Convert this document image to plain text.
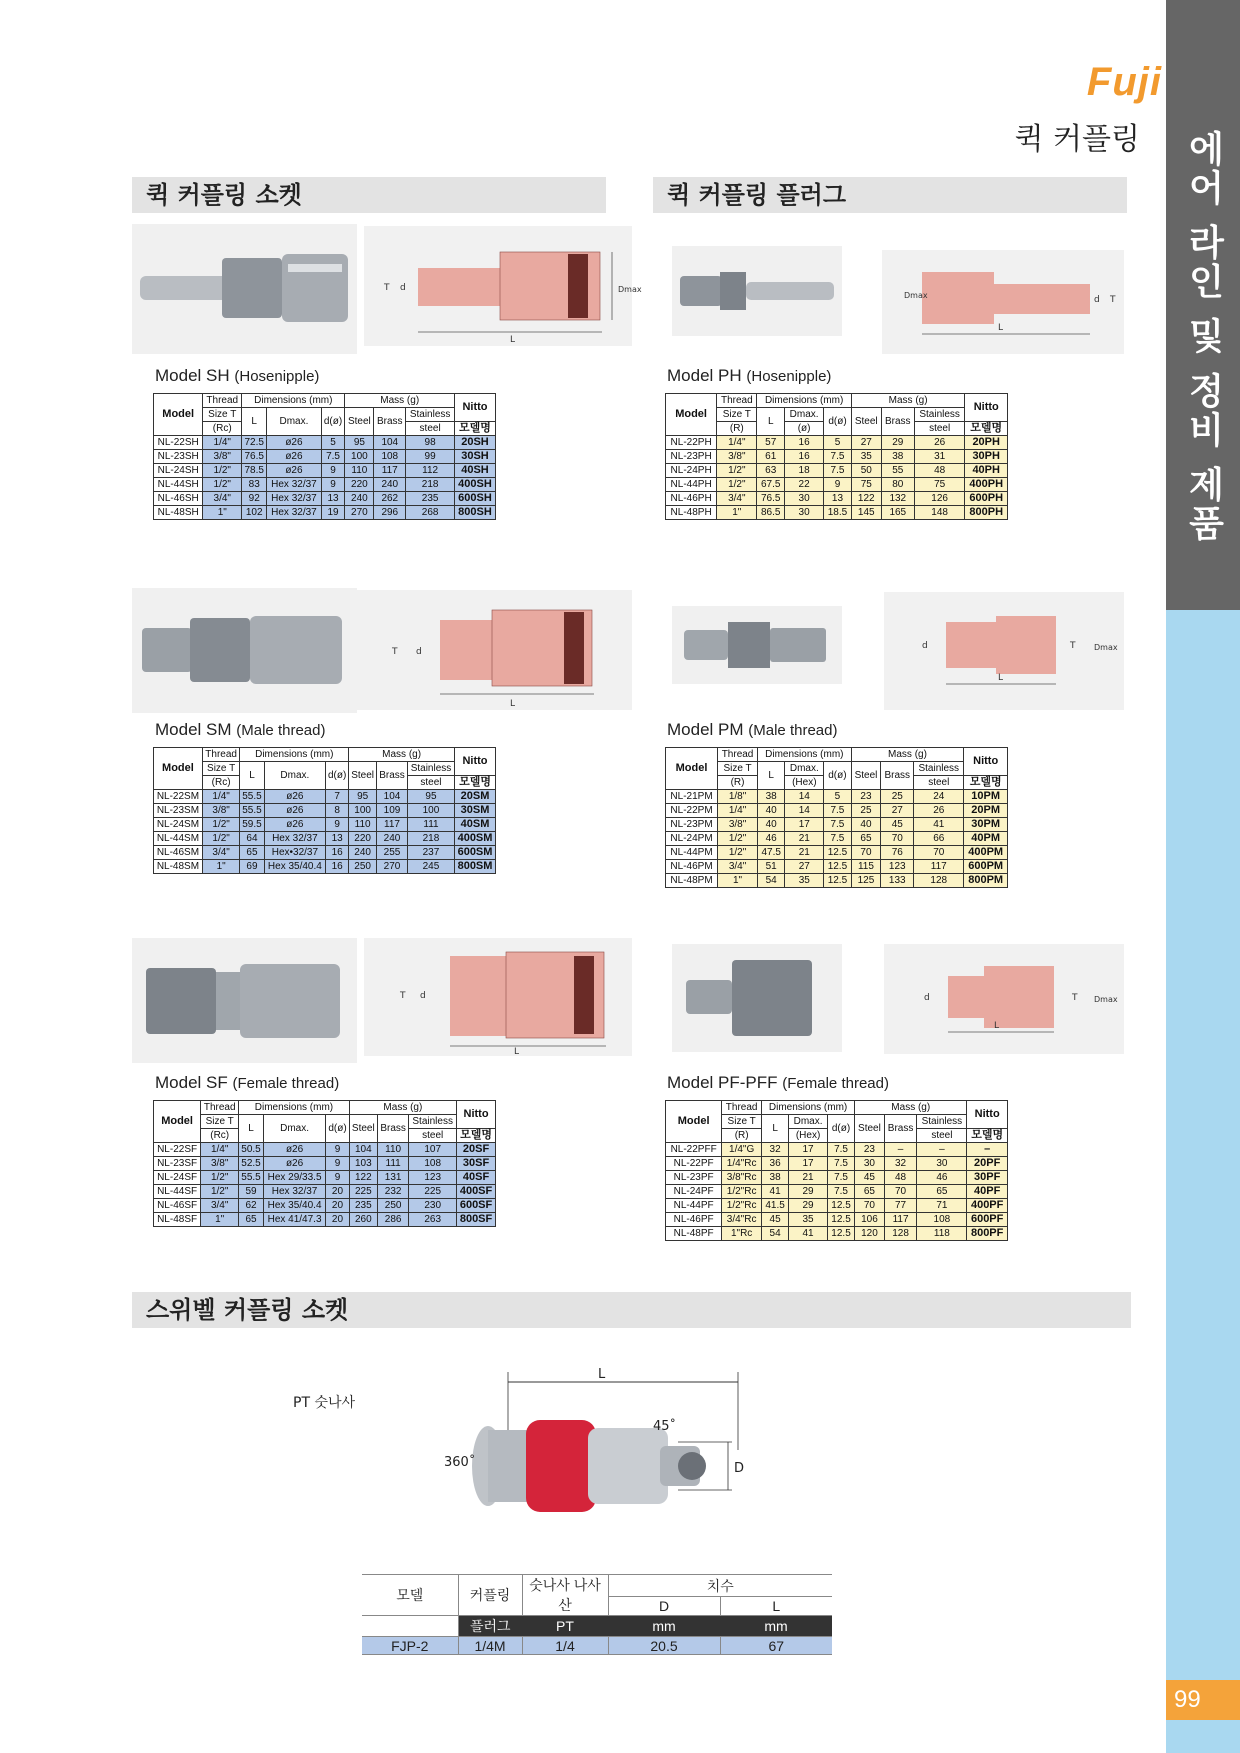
에어 라인 및 정비 제품
99
Fuji
퀵 커플링
퀵 커플링 소켓	퀵 커플링 플러그
스위벨 커플링 소켓
L
T d	Dmax
Model SH (Hosenipple)
Model	Thread	Dimensions (mm)			Mass (g)			Nitto
	Size T	L	Dmax.	d(ø)	Steel	Brass	Stainless	
	(Rc)						steel	모델명
NL-22SH	1/4"	72.5	ø26	5	95	104	98	20SH
NL-23SH	3/8"	76.5	ø26	7.5	100	108	99	30SH
NL-24SH	1/2"	78.5	ø26	9	110	117	112	40SH
NL-44SH	1/2"	83	Hex 32/37	9	220	240	218	400SH
NL-46SH	3/4"	92	Hex 32/37	13	240	262	235	600SH
NL-48SH	1"	102	Hex 32/37	19	270	296	268	800SH
L
T d
Model SM (Male thread)
Model	Thread	Dimensions (mm)			Mass (g)			Nitto
	Size T	L	Dmax.	d(ø)	Steel	Brass	Stainless	
	(Rc)						steel	모델명
NL-22SM	1/4"	55.5	ø26	7	95	104	95	20SM
NL-23SM	3/8"	55.5	ø26	8	100	109	100	30SM
NL-24SM	1/2"	59.5	ø26	9	110	117	111	40SM
NL-44SM	1/2"	64	Hex 32/37	13	220	240	218	400SM
NL-46SM	3/4"	65	Hex•32/37	16	240	255	237	600SM
NL-48SM	1"	69	Hex 35/40.4	16	250	270	245	800SM
L
T d
Model SF (Female thread)
Model	Thread	Dimensions (mm)			Mass (g)			Nitto
	Size T	L	Dmax.	d(ø)	Steel	Brass	Stainless	
	(Rc)						steel	모델명
NL-22SF	1/4"	50.5	ø26	9	104	110	107	20SF
NL-23SF	3/8"	52.5	ø26	9	103	111	108	30SF
NL-24SF	1/2"	55.5	Hex 29/33.5	9	122	131	123	40SF
NL-44SF	1/2"	59	Hex 32/37	20	225	232	225	400SF
NL-46SF	3/4"	62	Hex 35/40.4	20	235	250	230	600SF
NL-48SF	1"	65	Hex 41/47.3	20	260	286	263	800SF
L
Dmax	d T
Model PH (Hosenipple)
Model	Thread	Dimensions (mm)			Mass (g)			Nitto
	Size T	L	Dmax.	d(ø)	Steel	Brass	Stainless	
	(R)		(ø)				steel	모델명
NL-22PH	1/4"	57	16	5	27	29	26	20PH
NL-23PH	3/8"	61	16	7.5	35	38	31	30PH
NL-24PH	1/2"	63	18	7.5	50	55	48	40PH
NL-44PH	1/2"	67.5	22	9	75	80	75	400PH
NL-46PH	3/4"	76.5	30	13	122	132	126	600PH
NL-48PH	1"	86.5	30	18.5	145	165	148	800PH
L
d	T Dmax
Model PM (Male thread)
Model	Thread	Dimensions (mm)			Mass (g)			Nitto
	Size T	L	Dmax.	d(ø)	Steel	Brass	Stainless	
	(R)		(Hex)				steel	모델명
NL-21PM	1/8"	38	14	5	23	25	24	10PM
NL-22PM	1/4"	40	14	7.5	25	27	26	20PM
NL-23PM	3/8"	40	17	7.5	40	45	41	30PM
NL-24PM	1/2"	46	21	7.5	65	70	66	40PM
NL-44PM	1/2"	47.5	21	12.5	70	76	70	400PM
NL-46PM	3/4"	51	27	12.5	115	123	117	600PM
NL-48PM	1"	54	35	12.5	125	133	128	800PM
L
d	T Dmax
Model PF-PFF (Female thread)
Model	Thread	Dimensions (mm)			Mass (g)			Nitto
	Size T	L	Dmax.	d(ø)	Steel	Brass	Stainless	
	(R)		(Hex)				steel	모델명
NL-22PFF	1/4"G	32	17	7.5	23	–	–	–
NL-22PF	1/4"Rc	36	17	7.5	30	32	30	20PF
NL-23PF	3/8"Rc	38	21	7.5	45	48	46	30PF
NL-24PF	1/2"Rc	41	29	7.5	65	70	65	40PF
NL-44PF	1/2"Rc	41.5	29	12.5	70	77	71	400PF
NL-46PF	3/4"Rc	45	35	12.5	106	117	108	600PF
NL-48PF	1"Rc	54	41	12.5	120	128	118	800PF
PT 숫나사
L
D
45˚
360˚
모델	커플링	숫나사 나사산	치수	
			D	L
	플러그	PT	mm	mm
FJP-2	1/4M	1/4	20.5	67
